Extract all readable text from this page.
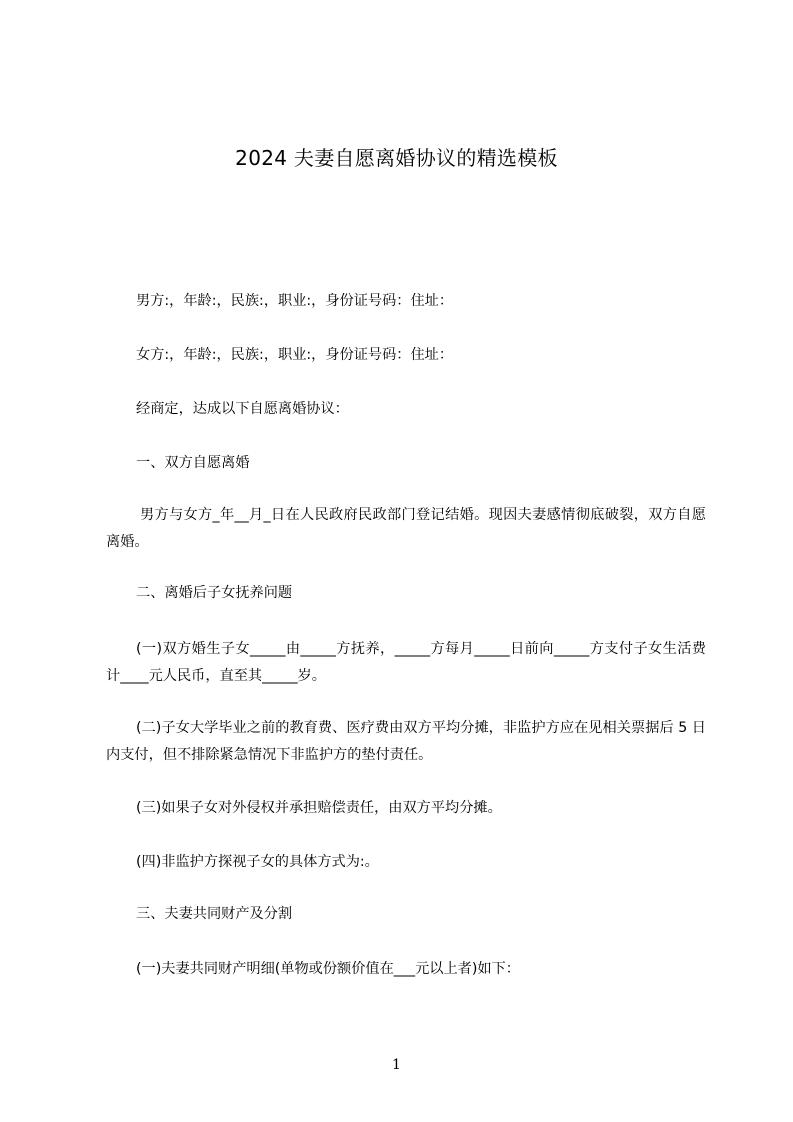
2024 夫妻自愿离婚协议的精选模板
男方:，年龄:，民族:，职业:，身份证号码：住址：
女方:，年龄:，民族:，职业:，身份证号码：住址：
经商定，达成以下自愿离婚协议：
一、双方自愿离婚
男方与女方_年__月_日在人民政府民政部门登记结婚。现因夫妻感情彻底破裂，双方自愿离婚。
二、离婚后子女抚养问题
(一)双方婚生子女_____由_____方抚养，_____方每月_____日前向_____方支付子女生活费计____元人民币，直至其_____岁。
(二)子女大学毕业之前的教育费、医疗费由双方平均分摊，非监护方应在见相关票据后 5 日内支付，但不排除紧急情况下非监护方的垫付责任。
(三)如果子女对外侵权并承担赔偿责任，由双方平均分摊。
(四)非监护方探视子女的具体方式为:。
三、夫妻共同财产及分割
(一)夫妻共同财产明细(单物或份额价值在___元以上者)如下：
1
